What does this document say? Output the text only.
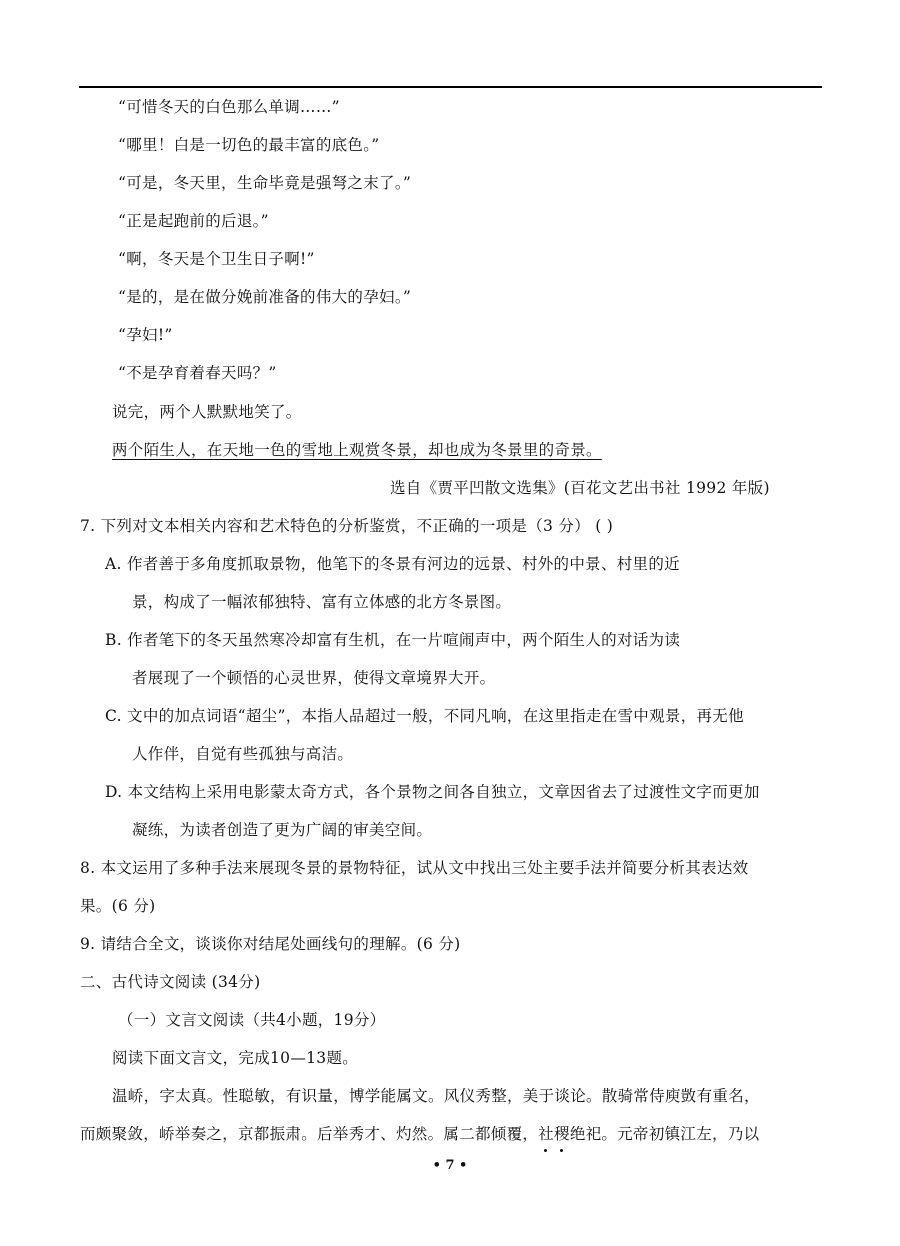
“可惜冬天的白色那么单调……”
“哪里！白是一切色的最丰富的底色。”
“可是，冬天里，生命毕竟是强弩之末了。”
“正是起跑前的后退。”
“啊，冬天是个卫生日子啊!”
“是的，是在做分娩前准备的伟大的孕妇。”
“孕妇!”
“不是孕育着春天吗？”
说完，两个人默默地笑了。
两个陌生人，在天地一色的雪地上观赏冬景，却也成为冬景里的奇景。
选自《贾平凹散文选集》(百花文艺出书社 1992 年版)
7. 下列对文本相关内容和艺术特色的分析鉴赏，不正确的一项是（3 分） ( )
A. 作者善于多角度抓取景物，他笔下的冬景有河边的远景、村外的中景、村里的近
景，构成了一幅浓郁独特、富有立体感的北方冬景图。
B. 作者笔下的冬天虽然寒冷却富有生机，在一片喧闹声中，两个陌生人的对话为读
者展现了一个顿悟的心灵世界，使得文章境界大开。
C. 文中的加点词语“超尘”，本指人品超过一般，不同凡响，在这里指走在雪中观景，再无他
人作伴，自觉有些孤独与高洁。
D. 本文结构上采用电影蒙太奇方式，各个景物之间各自独立，文章因省去了过渡性文字而更加
凝练，为读者创造了更为广阔的审美空间。
8. 本文运用了多种手法来展现冬景的景物特征，试从文中找出三处主要手法并简要分析其表达效
果。(6 分)
9. 请结合全文，谈谈你对结尾处画线句的理解。(6 分)
二、古代诗文阅读 (34分)
（一）文言文阅读（共4小题，19分）
阅读下面文言文，完成10—13题。
温峤，字太真。性聪敏，有识量，博学能属文。风仪秀整，美于谈论。散骑常侍庾敳有重名，
而颇聚敛，峤举奏之，京都振肃。后举秀才、灼然。属二都倾覆，社稷
绝祀。元帝初镇江左，乃以
• 7 •
